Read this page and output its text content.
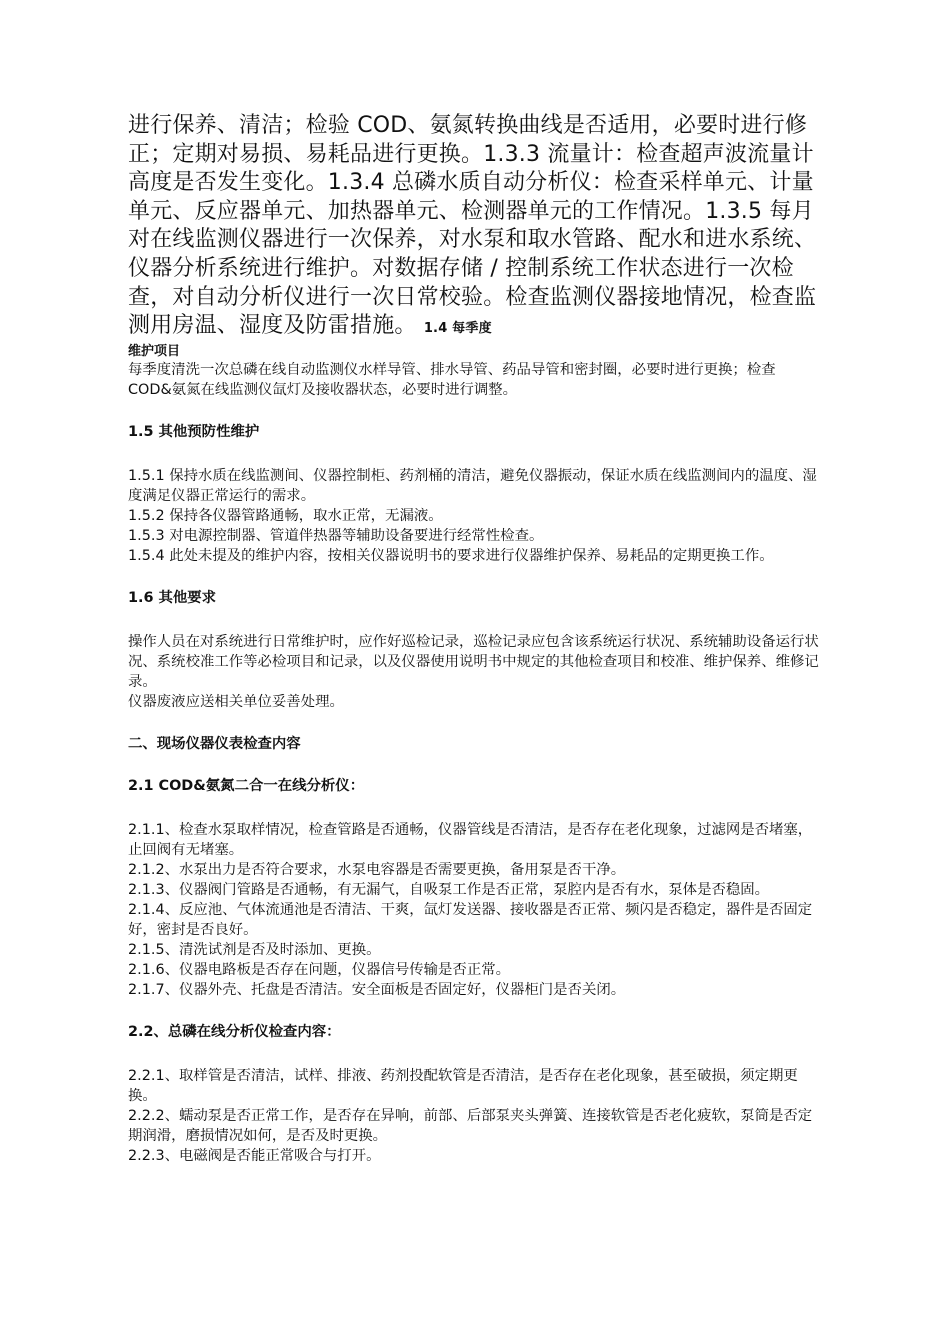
进行保养、清洁；检验 COD、氨氮转换曲线是否适用，必要时进行修正；定期对易损、易耗品进行更换。1.3.3 流量计：检查超声波流量计高度是否发生变化。1.3.4 总磷水质自动分析仪：检查采样单元、计量单元、反应器单元、加热器单元、检测器单元的工作情况。1.3.5 每月对在线监测仪器进行一次保养，对水泵和取水管路、配水和进水系统、仪器分析系统进行维护。对数据存储 / 控制系统工作状态进行一次检查，对自动分析仪进行一次日常校验。检查监测仪器接地情况，检查监测用房温、湿度及防雷措施。 1.4 每季度

维护项目

每季度清洗一次总磷在线自动监测仪水样导管、排水导管、药品导管和密封圈，必要时进行更换；检查 COD&氨氮在线监测仪氙灯及接收器状态，必要时进行调整。

1.5 其他预防性维护

1.5.1 保持水质在线监测间、仪器控制柜、药剂桶的清洁，避免仪器振动，保证水质在线监测间内的温度、湿度满足仪器正常运行的需求。

1.5.2 保持各仪器管路通畅，取水正常，无漏液。

1.5.3 对电源控制器、管道伴热器等辅助设备要进行经常性检查。

1.5.4 此处未提及的维护内容，按相关仪器说明书的要求进行仪器维护保养、易耗品的定期更换工作。

1.6 其他要求

操作人员在对系统进行日常维护时，应作好巡检记录，巡检记录应包含该系统运行状况、系统辅助设备运行状况、系统校准工作等必检项目和记录，以及仪器使用说明书中规定的其他检查项目和校准、维护保养、维修记录。

仪器废液应送相关单位妥善处理。

二、现场仪器仪表检查内容

2.1 COD&氨氮二合一在线分析仪：

2.1.1、检查水泵取样情况，检查管路是否通畅，仪器管线是否清洁，是否存在老化现象，过滤网是否堵塞，止回阀有无堵塞。

2.1.2、水泵出力是否符合要求，水泵电容器是否需要更换，备用泵是否干净。

2.1.3、仪器阀门管路是否通畅，有无漏气，自吸泵工作是否正常，泵腔内是否有水，泵体是否稳固。

2.1.4、反应池、气体流通池是否清洁、干爽，氙灯发送器、接收器是否正常、频闪是否稳定，器件是否固定好，密封是否良好。

2.1.5、清洗试剂是否及时添加、更换。

2.1.6、仪器电路板是否存在问题，仪器信号传输是否正常。

2.1.7、仪器外壳、托盘是否清洁。安全面板是否固定好，仪器柜门是否关闭。

2.2、总磷在线分析仪检查内容：

2.2.1、取样管是否清洁，试样、排液、药剂投配软管是否清洁，是否存在老化现象，甚至破损，须定期更换。

2.2.2、蠕动泵是否正常工作，是否存在异响，前部、后部泵夹头弹簧、连接软管是否老化疲软，泵筒是否定期润滑，磨损情况如何，是否及时更换。

2.2.3、电磁阀是否能正常吸合与打开。
